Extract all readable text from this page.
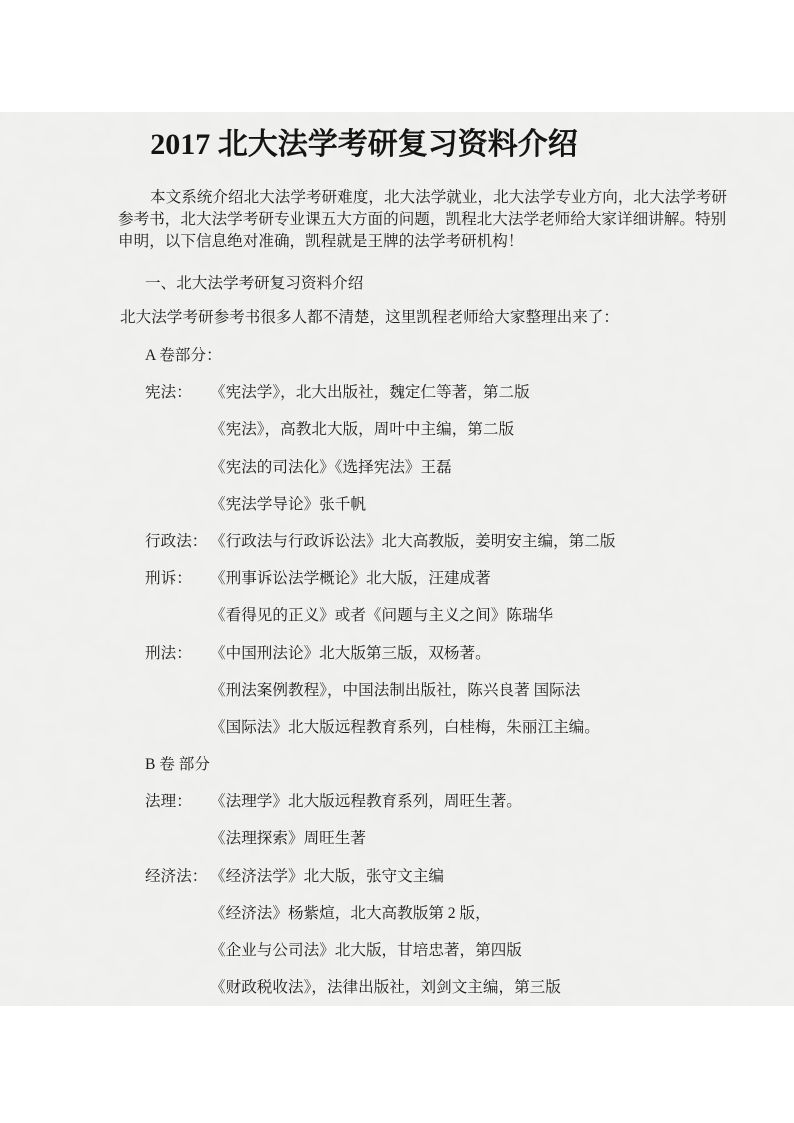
2017 北大法学考研复习资料介绍
本文系统介绍北大法学考研难度，北大法学就业，北大法学专业方向，北大法学考研
参考书，北大法学考研专业课五大方面的问题，凯程北大法学老师给大家详细讲解。特别
申明，以下信息绝对准确，凯程就是王牌的法学考研机构！
一、北大法学考研复习资料介绍
北大法学考研参考书很多人都不清楚，这里凯程老师给大家整理出来了：
A 卷部分：
宪法： 《宪法学》，北大出版社，魏定仁等著，第二版
《宪法》，高教北大版，周叶中主编，第二版
《宪法的司法化》《选择宪法》王磊
《宪法学导论》张千帆
行政法： 《行政法与行政诉讼法》北大高教版，姜明安主编，第二版
刑诉： 《刑事诉讼法学概论》北大版，汪建成著
《看得见的正义》或者《问题与主义之间》陈瑞华
刑法： 《中国刑法论》北大版第三版，双杨著。
《刑法案例教程》，中国法制出版社，陈兴良著 国际法
《国际法》北大版远程教育系列，白桂梅，朱丽江主编。
B 卷 部分
法理： 《法理学》北大版远程教育系列，周旺生著。
《法理探索》周旺生著
经济法： 《经济法学》北大版，张守文主编
《经济法》杨紫煊，北大高教版第 2 版，
《企业与公司法》北大版，甘培忠著，第四版
《财政税收法》，法律出版社，刘剑文主编，第三版
